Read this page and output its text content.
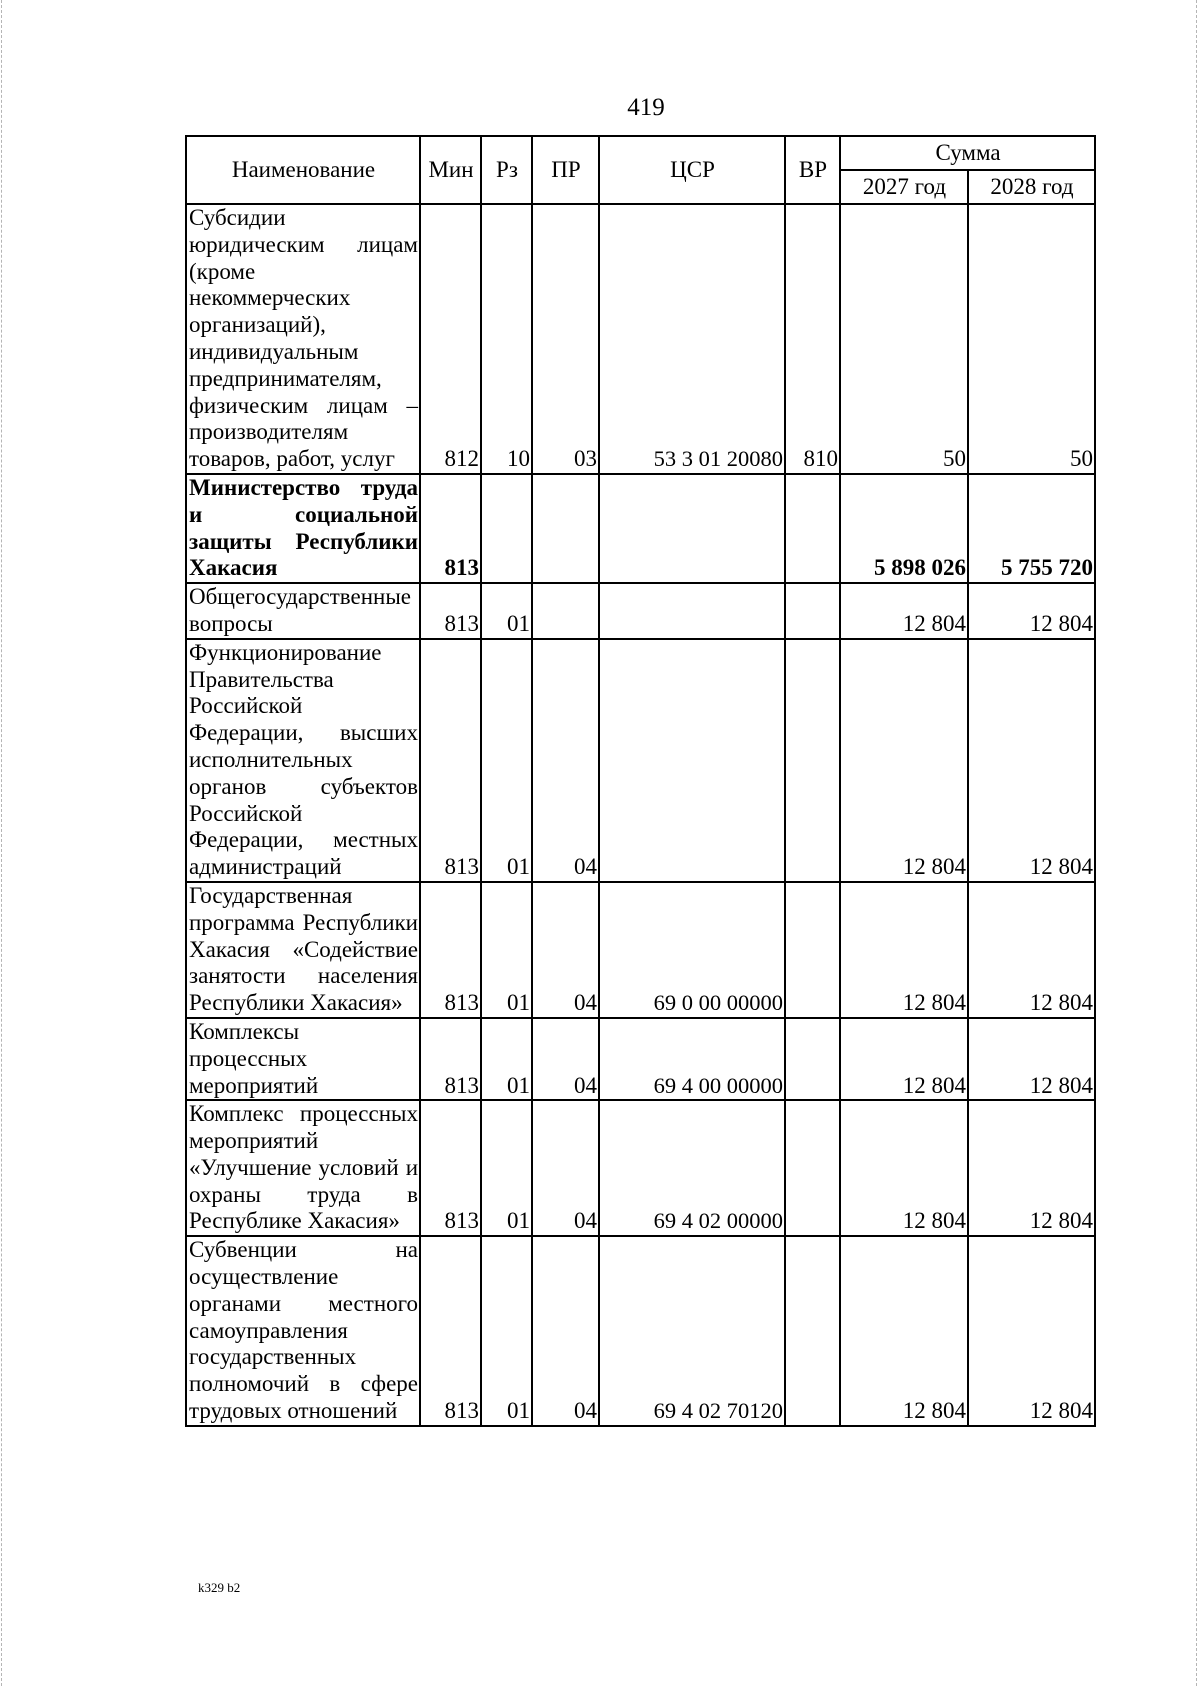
419
Наименование	Мин	Рз	ПР	ЦСР	ВР	Сумма	
						2027 год	2028 год
Субсидии юридическим лицам (кроме некоммерческих организаций), индивидуальным предпринимателям, физическим лицам – производителям товаров, работ, услуг	812	10	03	53 3 01 20080	810	50	50
Министерство труда и социальной защиты Республики Хакасия	813					5 898 026	5 755 720
Общегосударственные вопросы	813	01				12 804	12 804
Функционирование Правительства Российской Федерации, высших исполнительных органов субъектов Российской Федерации, местных администраций	813	01	04			12 804	12 804
Государственная программа Республики Хакасия «Содействие занятости населения Республики Хакасия»	813	01	04	69 0 00 00000		12 804	12 804
Комплексы процессных мероприятий	813	01	04	69 4 00 00000		12 804	12 804
Комплекс процессных мероприятий «Улучшение условий и охраны труда в Республике Хакасия»	813	01	04	69 4 02 00000		12 804	12 804
Субвенции на осуществление органами местного самоуправления государственных полномочий в сфере трудовых отношений	813	01	04	69 4 02 70120		12 804	12 804
k329 b2
